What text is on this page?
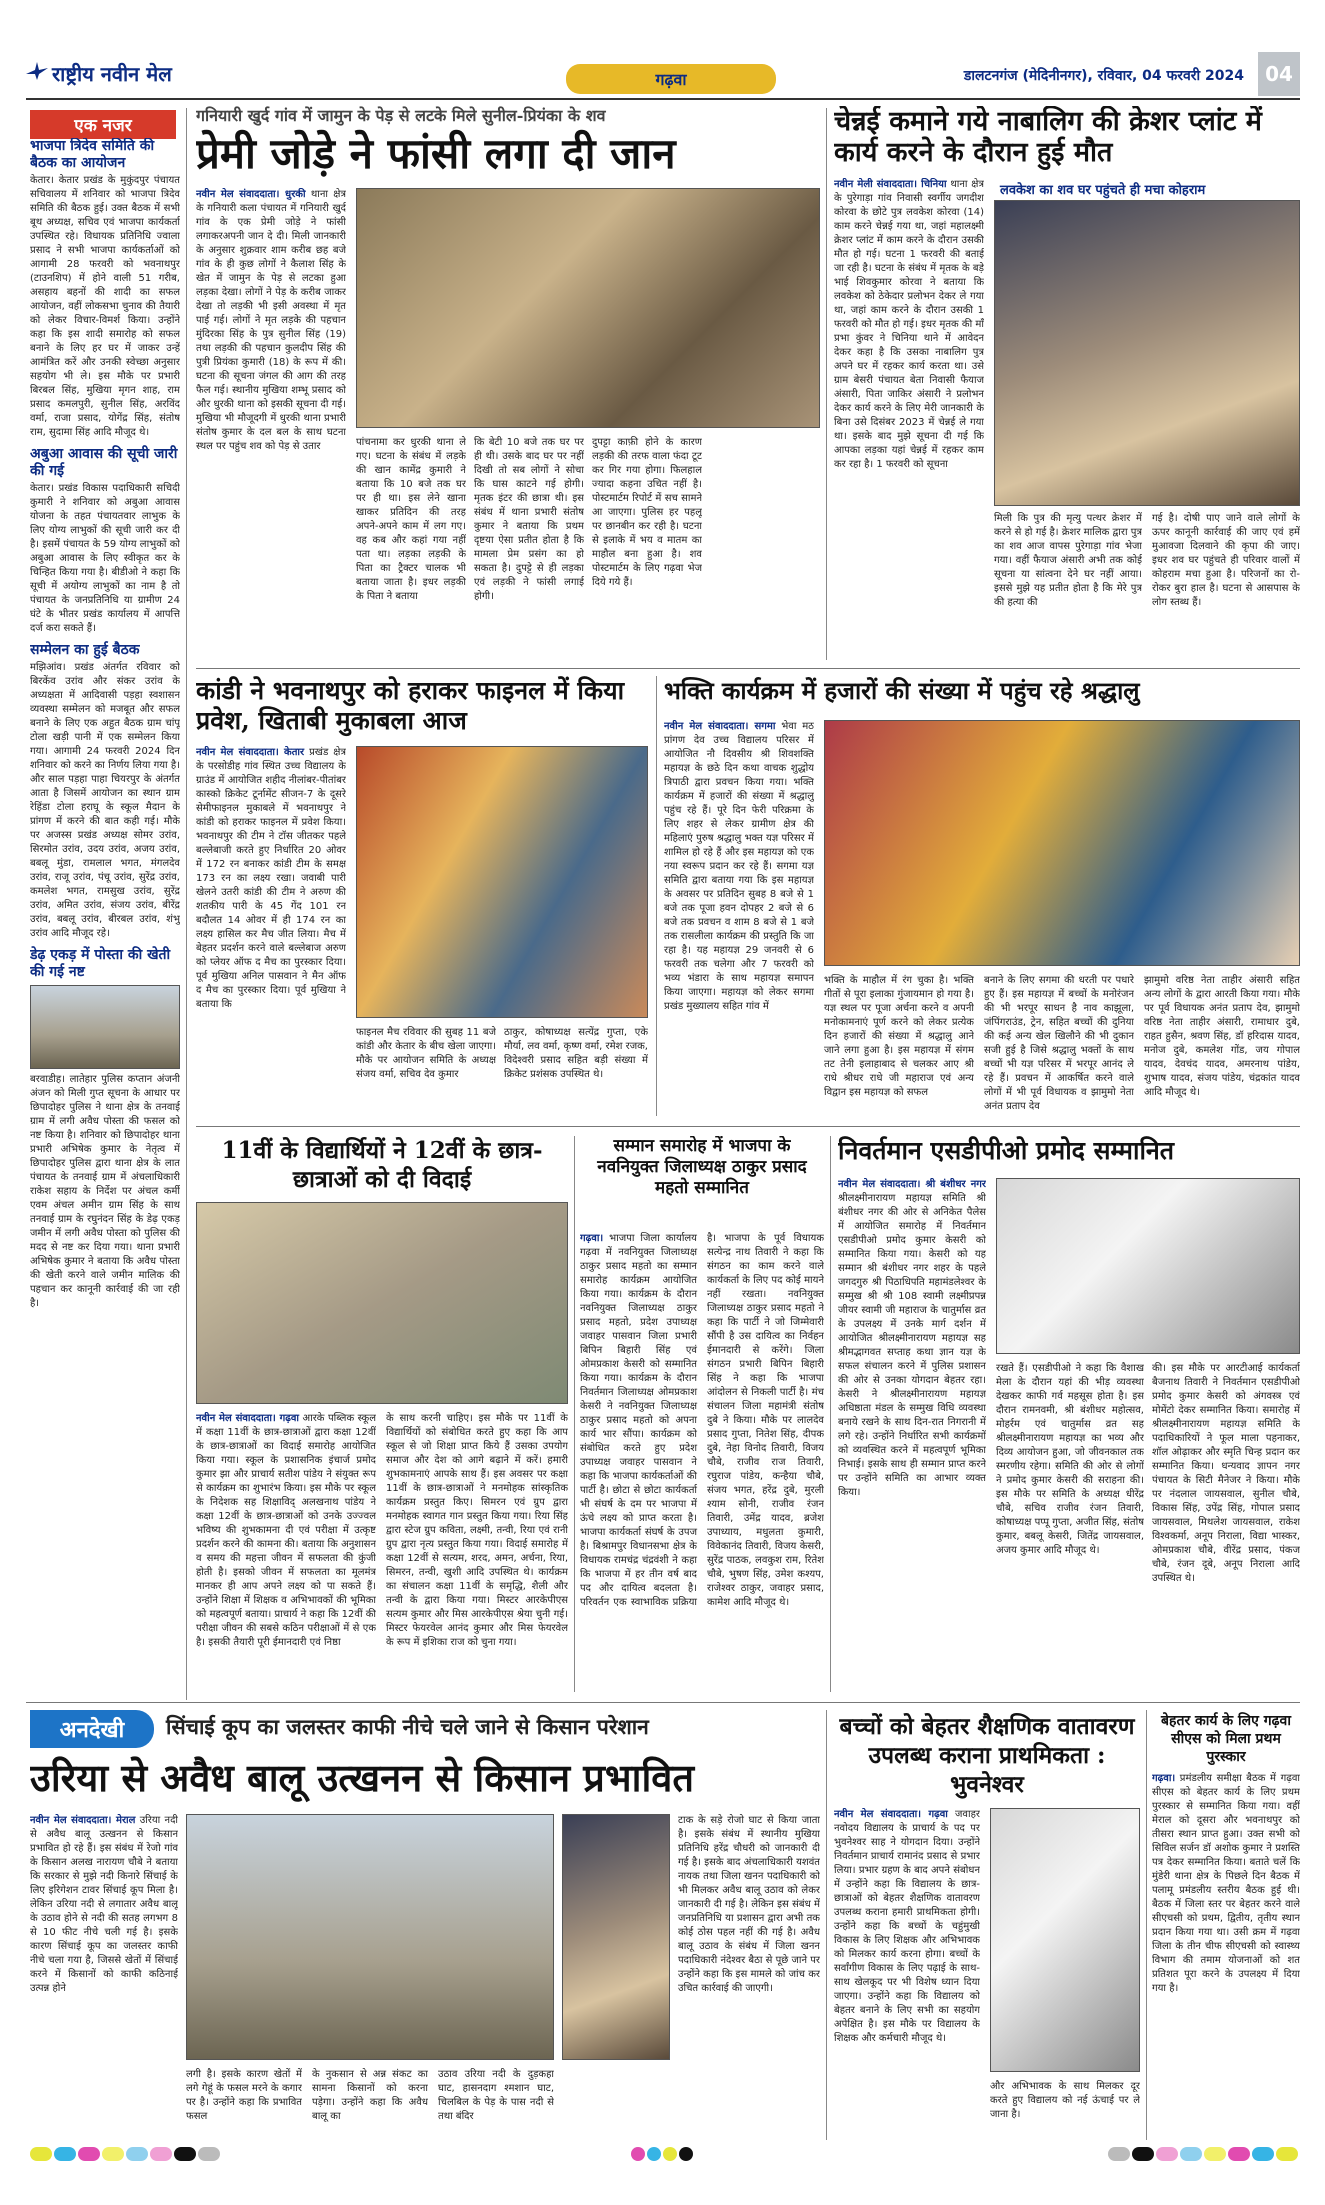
राष्ट्रीय नवीन मेल	गढ़वा	डालटनगंज (मेदिनीनगर), रविवार, 04 फरवरी 2024	04
एक नजर
भाजपा त्रिदेव समिति की बैठक का आयोजन
केतार। केतार प्रखंड के मुकुंदपुर पंचायत सचिवालय में शनिवार को भाजपा त्रिदेव समिति की बैठक हुई। उक्त बैठक में सभी बूथ अध्यक्ष, सचिव एवं भाजपा कार्यकर्ता उपस्थित रहे। विधायक प्रतिनिधि ज्वाला प्रसाद ने सभी भाजपा कार्यकर्ताओं को आगामी 28 फरवरी को भवनाथपुर (टाउनशिप) में होने वाली 51 गरीब, असहाय बहनों की शादी का सफल आयोजन, वहीं लोकसभा चुनाव की तैयारी को लेकर विचार-विमर्श किया। उन्होंने कहा कि इस शादी समारोह को सफल बनाने के लिए हर घर में जाकर उन्हें आमंत्रित करें और उनकी स्वेच्छा अनुसार सहयोग भी ले। इस मौके पर प्रभारी बिरबल सिंह, मुखिया मृगन शाह, राम प्रसाद कमलपुरी, सुनील सिंह, अरविंद वर्मा, राजा प्रसाद, योगेंद्र सिंह, संतोष राम, सुदामा सिंह आदि मौजूद थे।
अबुआ आवास की सूची जारी की गई
केतार। प्रखंड विकास पदाधिकारी सचिदी कुमारी ने शनिवार को अबुआ आवास योजना के तहत पंचायतवार लाभुक के लिए योग्य लाभुकों की सूची जारी कर दी है। इसमें पंचायत के 59 योग्य लाभुकों को अबुआ आवास के लिए स्वीकृत कर के चिन्हित किया गया है। बीडीओ ने कहा कि सूची में अयोग्य लाभुकों का नाम है तो पंचायत के जनप्रतिनिधि या ग्रामीण 24 घंटे के भीतर प्रखंड कार्यालय में आपत्ति दर्ज करा सकते हैं।
सम्मेलन का हुई बैठक
मझिआंव। प्रखंड अंतर्गत रविवार को बिरकेंव उरांव और संकर उरांव के अध्यक्षता में आदिवासी पड़हा स्वशासन व्यवस्था सम्मेलन को मजबूत और सफल बनाने के लिए एक अहुत बैठक ग्राम चांपू टोला खड़ी पानी में एक सम्मेलन किया गया। आगामी 24 फरवरी 2024 दिन शनिवार को करने का निर्णय लिया गया है। और साल पड़हा पाहा चियरपुर के अंतर्गत आता है जिसमें आयोजन का स्थान ग्राम रेहिंडा टोला हराघू के स्कूल मैदान के प्रांगण में करने की बात कही गई। मौके पर अजस्स प्रखंड अध्यक्ष सोमर उरांव, सिरमोत उरांव, उदय उरांव, अजय उरांव, बबलू मुंडा, रामलाल भगत, मंगलदेव उरांव, राजू उरांव, पंचू उरांव, सुरेंद्र उरांव, कमलेश भगत, रामसुख उरांव, सुरेंद्र उरांव, अमित उरांव, संजय उरांव, बीरेंद्र उरांव, बबलू उरांव, बीरबल उरांव, शंभु उरांव आदि मौजूद रहे।
डेढ़ एकड़ में पोस्ता की खेती की गई नष्ट
बरवाडीह। लातेहार पुलिस कप्तान अंजनी अंजन को मिली गुप्त सूचना के आधार पर छिपादोहर पुलिस ने थाना क्षेत्र के तनवाई ग्राम में लगी अवैध पोस्ता की फसल को नष्ट किया है। शनिवार को छिपादोहर थाना प्रभारी अभिषेक कुमार के नेतृत्व में छिपादोहर पुलिस द्वारा थाना क्षेत्र के लात पंचायत के तनवाई ग्राम में अंचलाधिकारी राकेश सहाय के निर्देश पर अंचल कर्मी एवम अंचल अमीन ग्राम सिंह के साथ तनवाई ग्राम के रघुनंदन सिंह के डेढ़ एकड़ जमीन में लगी अवैध पोस्ता को पुलिस की मदद से नष्ट कर दिया गया। थाना प्रभारी अभिषेक कुमार ने बताया कि अवैध पोस्ता की खेती करने वाले जमीन मालिक की पहचान कर कानूनी कार्रवाई की जा रही है।
गनियारी खुर्द गांव में जामुन के पेड़ से लटके मिले सुनील-प्रियंका के शव
प्रेमी जोड़े ने फांसी लगा दी जान
नवीन मेल संवाददाता। धुरकी थाना क्षेत्र के गनियारी कला पंचायत में गनियारी खुर्द गांव के एक प्रेमी जोड़े ने फांसी लगाकरअपनी जान दे दी। मिली जानकारी के अनुसार शुक्रवार शाम करीब छह बजे गांव के ही कुछ लोगों ने कैलाश सिंह के खेत में जामुन के पेड़ से लटका हुआ लड़का देखा। लोगों ने पेड़ के करीब जाकर देखा तो लड़की भी इसी अवस्था में मृत पाई गई। लोगों ने मृत लड़के की पहचान मुंदिरका सिंह के पुत्र सुनील सिंह (19) तथा लड़की की पहचान कुलदीप सिंह की पुत्री प्रियंका कुमारी (18) के रूप में की। घटना की सूचना जंगल की आग की तरह फैल गई। स्थानीय मुखिया शम्भू प्रसाद को और धुरकी थाना को इसकी सूचना दी गई। मुखिया भी मौजूदगी में धुरकी थाना प्रभारी संतोष कुमार के दल बल के साथ घटना स्थल पर पहुंच शव को पेड़ से उतार	पांचनामा कर धुरकी थाना ले गए। घटना के संबंध में लड़के की खान कामेंद्र कुमारी ने बताया कि 10 बजे तक घर पर ही था। इस लेने खाना खाकर प्रतिदिन की तरह अपने-अपने काम में लग गए। वह कब और कहां गया नहीं पता था। लड़का लड़की के पिता का ट्रैक्टर चालक भी बताया जाता है। इधर लड़की के पिता ने बताया
कि बेटी 10 बजे तक घर पर ही थी। उसके बाद घर पर नहीं दिखी तो सब लोगों ने सोचा कि घास काटने गई होगी। मृतक इंटर की छात्रा थी। इस संबंध में थाना प्रभारी संतोष कुमार ने बताया कि प्रथम दृष्टया ऐसा प्रतीत होता है कि मामला प्रेम प्रसंग का हो सकता है। दुपट्टे से ही लड़का एवं लड़की ने फांसी लगाई होगी।
दुपट्टा काफ़ी होने के कारण लड़की की तरफ वाला फंदा टूट कर गिर गया होगा। फिलहाल ज्यादा कहना उचित नहीं है। पोस्टमार्टम रिपोर्ट में सच सामने आ जाएगा। पुलिस हर पहलू पर छानबीन कर रही है। घटना से इलाके में भय व मातम का माहौल बना हुआ है। शव पोस्टमार्टम के लिए गढ़वा भेज दिये गये हैं।
चेन्नई कमाने गये नाबालिग की क्रेशर प्लांट में कार्य करने के दौरान हुई मौत
नवीन मेली संवाददाता। चिनिया थाना क्षेत्र के पुरेगाड़ा गांव निवासी स्वर्गीय जगदीश कोरवा के छोटे पुत्र लवकेश कोरवा (14) काम करने चेन्नई गया था, जहां महालक्ष्मी क्रेशर प्लांट में काम करने के दौरान उसकी मौत हो गई। घटना 1 फरवरी की बताई जा रही है। घटना के संबंध में मृतक के बड़े भाई शिवकुमार कोरवा ने बताया कि लवकेश को ठेकेदार प्रलोभन देकर ले गया था, जहां काम करने के दौरान उसकी 1 फरवरी को मौत हो गई। इधर मृतक की माँ प्रभा कुंवर ने चिनिया थाने में आवेदन देकर कहा है कि उसका नाबालिग पुत्र अपने घर में रहकर कार्य करता था। उसे ग्राम बेसरी पंचायत बेता निवासी फैयाज अंसारी, पिता जाकिर अंसारी ने प्रलोभन देकर कार्य करने के लिए मेरी जानकारी के बिना उसे दिसंबर 2023 में चेन्नई ले गया था। इसके बाद मुझे सूचना दी गई कि आपका लड़का यहां चेन्नई में रहकर काम कर रहा है। 1 फरवरी को सूचना
लवकेश का शव घर पहुंचते ही मचा कोहराम
मिली कि पुत्र की मृत्यु पत्थर क्रेशर में करने से हो गई है। क्रेशर मालिक द्वारा पुत्र का शव आज वापस पुरेगाड़ा गांव भेजा गया। वहीं फैयाज अंसारी अभी तक कोई सूचना या सांत्वना देने घर नहीं आया। इससे मुझे यह प्रतीत होता है कि मेरे पुत्र की हत्या की
गई है। दोषी पाए जाने वाले लोगों के ऊपर कानूनी कार्रवाई की जाए एवं हमें मुआवजा दिलवाने की कृपा की जाए। इधर शव घर पहुंचते ही परिवार वालों में कोहराम मचा हुआ है। परिजनों का रो-रोकर बुरा हाल है। घटना से आसपास के लोग स्तब्ध हैं।
कांडी ने भवनाथपुर को हराकर फाइनल में किया प्रवेश, खिताबी मुकाबला आज
नवीन मेल संवाददाता। केतार प्रखंड क्षेत्र के परसोडीह गांव स्थित उच्च विद्यालय के ग्राउंड में आयोजित शहीद नीलांबर-पीतांबर कास्को क्रिकेट टूर्नामेंट सीजन-7 के दूसरे सेमीफाइनल मुकाबले में भवनाथपुर ने कांडी को हराकर फाइनल में प्रवेश किया। भवनाथपुर की टीम ने टॉस जीतकर पहले बल्लेबाजी करते हुए निर्धारित 20 ओवर में 172 रन बनाकर कांडी टीम के समक्ष 173 रन का लक्ष्य रखा। जवाबी पारी खेलने उतरी कांडी की टीम ने अरुण की शतकीय पारी के 45 गेंद 101 रन बदौलत 14 ओवर में ही 174 रन का लक्ष्य हासिल कर मैच जीत लिया। मैच में बेहतर प्रदर्शन करने वाले बल्लेबाज अरुण को प्लेयर ऑफ द मैच का पुरस्कार दिया। पूर्व मुखिया अनिल पासवान ने मैन ऑफ द मैच का पुरस्कार दिया। पूर्व मुखिया ने बताया कि
फाइनल मैच रविवार की सुबह 11 बजे कांडी और केतार के बीच खेला जाएगा। मौके पर आयोजन समिति के अध्यक्ष संजय वर्मा, सचिव देव कुमार
ठाकुर, कोषाध्यक्ष सत्येंद्र गुप्ता, एके मौर्या, लव वर्मा, कृष्ण वर्मा, रमेश रजक, विदेश्वरी प्रसाद सहित बड़ी संख्या में क्रिकेट प्रशंसक उपस्थित थे।
भक्ति कार्यक्रम में हजारों की संख्या में पहुंच रहे श्रद्धालु
नवीन मेल संवाददाता। सगमा भेवा मठ प्रांगण देव उच्च विद्यालय परिसर में आयोजित नौ दिवसीय श्री शिवशक्ति महायज्ञ के छठे दिन कथा वाचक शुद्धोय त्रिपाठी द्वारा प्रवचन किया गया। भक्ति कार्यक्रम में हजारों की संख्या में श्रद्धालु पहुंच रहे हैं। पूरे दिन फेरी परिक्रमा के लिए शहर से लेकर ग्रामीण क्षेत्र की महिलाएं पुरुष श्रद्धालु भक्त यज्ञ परिसर में शामिल हो रहे हैं और इस महायज्ञ को एक नया स्वरूप प्रदान कर रहे हैं। सगमा यज्ञ समिति द्वारा बताया गया कि इस महायज्ञ के अवसर पर प्रतिदिन सुबह 8 बजे से 1 बजे तक पूजा हवन दोपहर 2 बजे से 6 बजे तक प्रवचन व शाम 8 बजे से 1 बजे तक रासलीला कार्यक्रम की प्रस्तुति कि जा रहा है। यह महायज्ञ 29 जनवरी से 6 फरवरी तक चलेगा और 7 फरवरी को भव्य भंडारा के साथ महायज्ञ समापन किया जाएगा। महायज्ञ को लेकर सगमा प्रखंड मुख्यालय सहित गांव में
भक्ति के माहौल में रंग चुका है। भक्ति गीतों से पूरा इलाका गुंजायमान हो गया है। यज्ञ स्थल पर पूजा अर्चना करने व अपनी मनोकामनाएं पूर्ण करने को लेकर प्रत्येक दिन हजारों की संख्या में श्रद्धालु आने जाने लगा हुआ है। इस महायज्ञ में संगम तट तेनी इलाहाबाद से चलकर आए श्री राधे श्रीधर राधे जी महाराज एवं अन्य विद्वान इस महायज्ञ को सफल
बनाने के लिए सगमा की धरती पर पधारे हुए हैं। इस महायज्ञ में बच्चों के मनोरंजन की भी भरपूर साधन है नाव काझूला, जंपिंगराउंड, ट्रेन, सहित बच्चों की दुनिया की कई अन्य खेल खिलौने की भी दुकान सजी हुई है जिसे श्रद्धालु भक्तों के साथ बच्चों भी यज्ञ परिसर में भरपूर आनंद ले रहे हैं। प्रवचन में आकर्षित करने वाले लोगों में भी पूर्व विधायक व झामुमो नेता अनंत प्रताप देव
झामुमो वरिष्ठ नेता ताहीर अंसारी सहित अन्य लोगों के द्वारा आरती किया गया। मौके पर पूर्व विधायक अनंत प्रताप देव, झामुमो वरिष्ठ नेता ताहीर अंसारी, रामाधार दुबे, राहत हुसैन, श्रवण सिंह, डॉ हरिदास यादव, मनोज दुबे, कमलेश गोंड, जय गोपाल यादव, देवचंद यादव, अमरनाथ पांडेय, शुभाष यादव, संजय पांडेय, चंद्रकांत यादव आदि मौजूद थे।
11वीं के विद्यार्थियों ने 12वीं के छात्र-छात्राओं को दी विदाई
नवीन मेल संवाददाता। गढ़वा आरके पब्लिक स्कूल में कक्षा 11वीं के छात्र-छात्राओं द्वारा कक्षा 12वीं के छात्र-छात्राओं का विदाई समारोह आयोजित किया गया। स्कूल के प्रशासनिक इंचार्ज प्रमोद कुमार झा और प्राचार्य सतीश पांडेय ने संयुक्त रूप से कार्यक्रम का शुभारंभ किया। इस मौके पर स्कूल के निदेशक सह शिक्षाविद् अलखनाथ पांडेय ने कक्षा 12वीं के छात्र-छात्राओं को उनके उज्ज्वल भविष्य की शुभकामना दी एवं परीक्षा में उत्कृष्ट प्रदर्शन करने की कामना की। बताया कि अनुशासन व समय की महत्ता जीवन में सफलता की कुंजी होती है। इसको जीवन में सफलता का मूलमंत्र मानकर ही आप अपने लक्ष्य को पा सकते हैं। उन्होंने शिक्षा में शिक्षक व अभिभावकों की भूमिका को महत्वपूर्ण बताया। प्राचार्य ने कहा कि 12वीं की परीक्षा जीवन की सबसे कठिन परीक्षाओं में से एक है। इसकी तैयारी पूरी ईमानदारी एवं निष्ठा
के साथ करनी चाहिए। इस मौके पर 11वीं के विद्यार्थियों को संबोधित करते हुए कहा कि आप स्कूल से जो शिक्षा प्राप्त किये हैं उसका उपयोग समाज और देश को आगे बढ़ाने में करें। हमारी शुभकामनाएं आपके साथ हैं। इस अवसर पर कक्षा 11वीं के छात्र-छात्राओं ने मनमोहक सांस्कृतिक कार्यक्रम प्रस्तुत किए। सिमरन एवं ग्रुप द्वारा मनमोहक स्वागत गान प्रस्तुत किया गया। रिया सिंह द्वारा स्टेज ग्रुप कविता, लक्ष्मी, तन्वी, रिया एवं रानी ग्रुप द्वारा नृत्य प्रस्तुत किया गया। विदाई समारोह में कक्षा 12वीं से सत्यम, शरद, अमन, अर्चना, रिया, सिमरन, तन्वी, खुशी आदि उपस्थित थे। कार्यक्रम का संचालन कक्षा 11वीं के समृद्धि, शैली और तन्वी के द्वारा किया गया। मिस्टर आरकेपीएस सत्यम कुमार और मिस आरकेपीएस श्रेया चुनी गई। मिस्टर फेयरवेल आनंद कुमार और मिस फेयरवेल के रूप में इशिका राज को चुना गया।
सम्मान समारोह में भाजपा के नवनियुक्त जिलाध्यक्ष ठाकुर प्रसाद महतो सम्मानित
गढ़वा। भाजपा जिला कार्यालय गढ़वा में नवनियुक्त जिलाध्यक्ष ठाकुर प्रसाद महतो का सम्मान समारोह कार्यक्रम आयोजित किया गया। कार्यक्रम के दौरान नवनियुक्त जिलाध्यक्ष ठाकुर प्रसाद महतो, प्रदेश उपाध्यक्ष जवाहर पासवान जिला प्रभारी बिपिन बिहारी सिंह एवं ओमप्रकाश केसरी को सम्मानित किया गया। कार्यक्रम के दौरान निवर्तमान जिलाध्यक्ष ओमप्रकाश केसरी ने नवनियुक्त जिलाध्यक्ष ठाकुर प्रसाद महतो को अपना कार्य भार सौंपा। कार्यक्रम को संबोधित करते हुए प्रदेश उपाध्यक्ष जवाहर पासवान ने कहा कि भाजपा कार्यकर्ताओं की पार्टी है। छोटा से छोटा कार्यकर्ता भी संघर्ष के दम पर भाजपा में ऊंचे लक्ष्य को प्राप्त करता है। भाजपा कार्यकर्ता संघर्ष के उपज है। बिश्रामपुर विधानसभा क्षेत्र के विधायक रामचंद्र चंद्रवंशी ने कहा कि भाजपा में हर तीन वर्ष बाद पद और दायित्व बदलता है। परिवर्तन एक स्वाभाविक प्रक्रिया है। भाजपा के पूर्व विधायक सत्येन्द्र नाथ तिवारी ने कहा कि संगठन का काम करने वाले कार्यकर्ता के लिए पद कोई मायने नहीं रखता। नवनियुक्त जिलाध्यक्ष ठाकुर प्रसाद महतो ने कहा कि पार्टी ने जो जिम्मेवारी सौंपी है उस दायित्व का निर्वहन ईमानदारी से करेंगे। जिला संगठन प्रभारी बिपिन बिहारी सिंह ने कहा कि भाजपा आंदोलन से निकली पार्टी है। मंच संचालन जिला महामंत्री संतोष दुबे ने किया। मौके पर लालदेव प्रसाद गुप्ता, नितेश सिंह, दीपक दुबे, नेहा विनोद तिवारी, विजय चौबे, राजीव राज तिवारी, रघुराज पांडेय, कन्हैया चौबे, संजय भगत, हरेंद्र दुबे, मुरली श्याम सोनी, राजीव रंजन तिवारी, उमेंद्र यादव, ब्रजेश उपाध्याय, मधुलता कुमारी, विवेकानंद तिवारी, विजय केसरी, सुरेंद्र पाठक, लवकुश राम, रितेश चौबे, भुषण सिंह, उमेश कश्यप, राजेश्वर ठाकुर, जवाहर प्रसाद, कामेश आदि मौजूद थे।
निवर्तमान एसडीपीओ प्रमोद सम्मानित
नवीन मेल संवाददाता। श्री बंशीधर नगर श्रीलक्ष्मीनारायण महायज्ञ समिति श्री बंशीधर नगर की ओर से अनिकेत पैलेस में आयोजित समारोह में निवर्तमान एसडीपीओ प्रमोद कुमार केसरी को सम्मानित किया गया। केसरी को यह सम्मान श्री बंशीधर नगर शहर के पहले जगदगुरु श्री पिठाधिपति महामंडलेश्वर के सम्मुख श्री श्री 108 स्वामी लक्ष्मीप्रपन्न जीयर स्वामी जी महाराज के चातुर्मास व्रत के उपलक्ष्य में उनके मार्ग दर्शन में आयोजित श्रीलक्ष्मीनारायण महायज्ञ सह श्रीमद्भागवत सप्ताह कथा ज्ञान यज्ञ के सफल संचालन करने में पुलिस प्रशासन की ओर से उनका योगदान बेहतर रहा। केसरी ने श्रीलक्ष्मीनारायण महायज्ञ अधिष्ठाता मंडल के सम्मुख विधि व्यवस्था बनाये रखने के साथ दिन-रात निगरानी में लगे रहे। उन्होंने निर्धारित सभी कार्यक्रमों को व्यवस्थित करने में महत्वपूर्ण भूमिका निभाई। इसके साथ ही सम्मान प्राप्त करने पर उन्होंने समिति का आभार व्यक्त किया।
रखते हैं। एसडीपीओ ने कहा कि वैशाख मेला के दौरान यहां की भीड़ व्यवस्था देखकर काफी गर्व महसूस होता है। इस दौरान रामनवमी, श्री बंशीधर महोत्सव, मोहर्रम एवं चातुर्मास व्रत सह श्रीलक्ष्मीनारायण महायज्ञ का भव्य और दिव्य आयोजन हुआ, जो जीवनकाल तक स्मरणीय रहेगा। समिति की ओर से लोगों ने प्रमोद कुमार केसरी की सराहना की। इस मौके पर समिति के अध्यक्ष धीरेंद्र चौबे, सचिव राजीव रंजन तिवारी, कोषाध्यक्ष पप्पू गुप्ता, अजीत सिंह, संतोष कुमार, बबलू केसरी, जितेंद्र जायसवाल, अजय कुमार आदि मौजूद थे।
की। इस मौके पर आरटीआई कार्यकर्ता बैजनाथ तिवारी ने निवर्तमान एसडीपीओ प्रमोद कुमार केसरी को अंगवस्त्र एवं मोमेंटो देकर सम्मानित किया। समारोह में श्रीलक्ष्मीनारायण महायज्ञ समिति के पदाधिकारियों ने फूल माला पहनाकर, शॉल ओढ़ाकर और स्मृति चिन्ह प्रदान कर सम्मानित किया। धन्यवाद ज्ञापन नगर पंचायत के सिटी मैनेजर ने किया। मौके पर नंदलाल जायसवाल, सुनील चौबे, विकास सिंह, उपेंद्र सिंह, गोपाल प्रसाद जायसवाल, मिथलेश जायसवाल, राकेश विश्वकर्मा, अनूप निराला, विद्या भास्कर, ओमप्रकाश चौबे, वीरेंद्र प्रसाद, पंकज चौबे, रंजन दूबे, अनूप निराला आदि उपस्थित थे।
अनदेखी	सिंचाई कूप का जलस्तर काफी नीचे चले जाने से किसान परेशान
उरिया से अवैध बालू उत्खनन से किसान प्रभावित
नवीन मेल संवाददाता। मेराल उरिया नदी से अवैध बालू उत्खनन से किसान प्रभावित हो रहे हैं। इस संबंध में रेजो गांव के किसान अलख नारायण चौबे ने बताया कि सरकार से मुझे नदी किनारे सिंचाई के लिए इरिगेशन टावर सिंचाई कूप मिला है। लेकिन उरिया नदी से लगातार अवैध बालू के उठाव होने से नदी की सतह लगभग 8 से 10 फीट नीचे चली गई है। इसके कारण सिंचाई कूप का जलस्तर काफी नीचे चला गया है, जिससे खेतों में सिंचाई करने में किसानों को काफी कठिनाई उत्पन्न होने
लगी है। इसके कारण खेतों में लगे गेहूं के फसल मरने के कगार पर है। उन्होंने कहा कि प्रभावित फसल
के नुकसान से अन्न संकट का सामना किसानों को करना पड़ेगा। उन्होंने कहा कि अवैध बालू का
उठाव उरिया नदी के दुड़कहा घाट, हासनदाग श्मशान घाट, चिलबिल के पेड़ के पास नदी से तथा बंदिर
टाक के सड़े रोजो घाट से किया जाता है। इसके संबंध में स्थानीय मुखिया प्रतिनिधि हरेंद्र चौधरी को जानकारी दी गई है। इसके बाद अंचलाधिकारी यशवंत नायक तथा जिला खनन पदाधिकारी को भी मिलकर अवैध बालू उठाव को लेकर जानकारी दी गई है। लेकिन इस संबंध में जनप्रतिनिधि या प्रशासन द्वारा अभी तक कोई ठोस पहल नहीं की गई है। अवैध बालू उठाव के संबंध में जिला खनन पदाधिकारी नंदेश्वर बैठा से पूछे जाने पर उन्होंने कहा कि इस मामले को जांच कर उचित कार्रवाई की जाएगी।
बच्चों को बेहतर शैक्षणिक वातावरण उपलब्ध कराना प्राथमिकता : भुवनेश्वर
नवीन मेल संवाददाता। गढ़वा जवाहर नवोदय विद्यालय के प्राचार्य के पद पर भुवनेश्वर साह ने योगदान दिया। उन्होंने निवर्तमान प्राचार्य रामानंद प्रसाद से प्रभार लिया। प्रभार ग्रहण के बाद अपने संबोधन में उन्होंने कहा कि विद्यालय के छात्र-छात्राओं को बेहतर शैक्षणिक वातावरण उपलब्ध कराना हमारी प्राथमिकता होगी। उन्होंने कहा कि बच्चों के चहुंमुखी विकास के लिए शिक्षक और अभिभावक को मिलकर कार्य करना होगा। बच्चों के सर्वांगीण विकास के लिए पढ़ाई के साथ-साथ खेलकूद पर भी विशेष ध्यान दिया जाएगा। उन्होंने कहा कि विद्यालय को बेहतर बनाने के लिए सभी का सहयोग अपेक्षित है। इस मौके पर विद्यालय के शिक्षक और कर्मचारी मौजूद थे।
और अभिभावक के साथ मिलकर दूर करते हुए विद्यालय को नई ऊंचाई पर ले जाना है।
बेहतर कार्य के लिए गढ़वा सीएस को मिला प्रथम पुरस्कार
गढ़वा। प्रमंडलीय समीक्षा बैठक में गढ़वा सीएस को बेहतर कार्य के लिए प्रथम पुरस्कार से सम्मानित किया गया। वहीं मेराल को दूसरा और भवनाथपुर को तीसरा स्थान प्राप्त हुआ। उक्त सभी को सिविल सर्जन डॉ अशोक कुमार ने प्रशस्ति पत्र देकर सम्मानित किया। बताते चलें कि मुंडेरी थाना क्षेत्र के पिछले दिन बैठक में पलामू प्रमंडलीय स्तरीय बैठक हुई थी। बैठक में जिला स्तर पर बेहतर करने वाले सीएचसी को प्रथम, द्वितीय, तृतीय स्थान प्रदान किया गया था। उसी क्रम में गढ़वा जिला के तीन चीफ सीएचसी को स्वास्थ्य विभाग की तमाम योजनाओं को शत प्रतिशत पूरा करने के उपलक्ष्य में दिया गया है।
